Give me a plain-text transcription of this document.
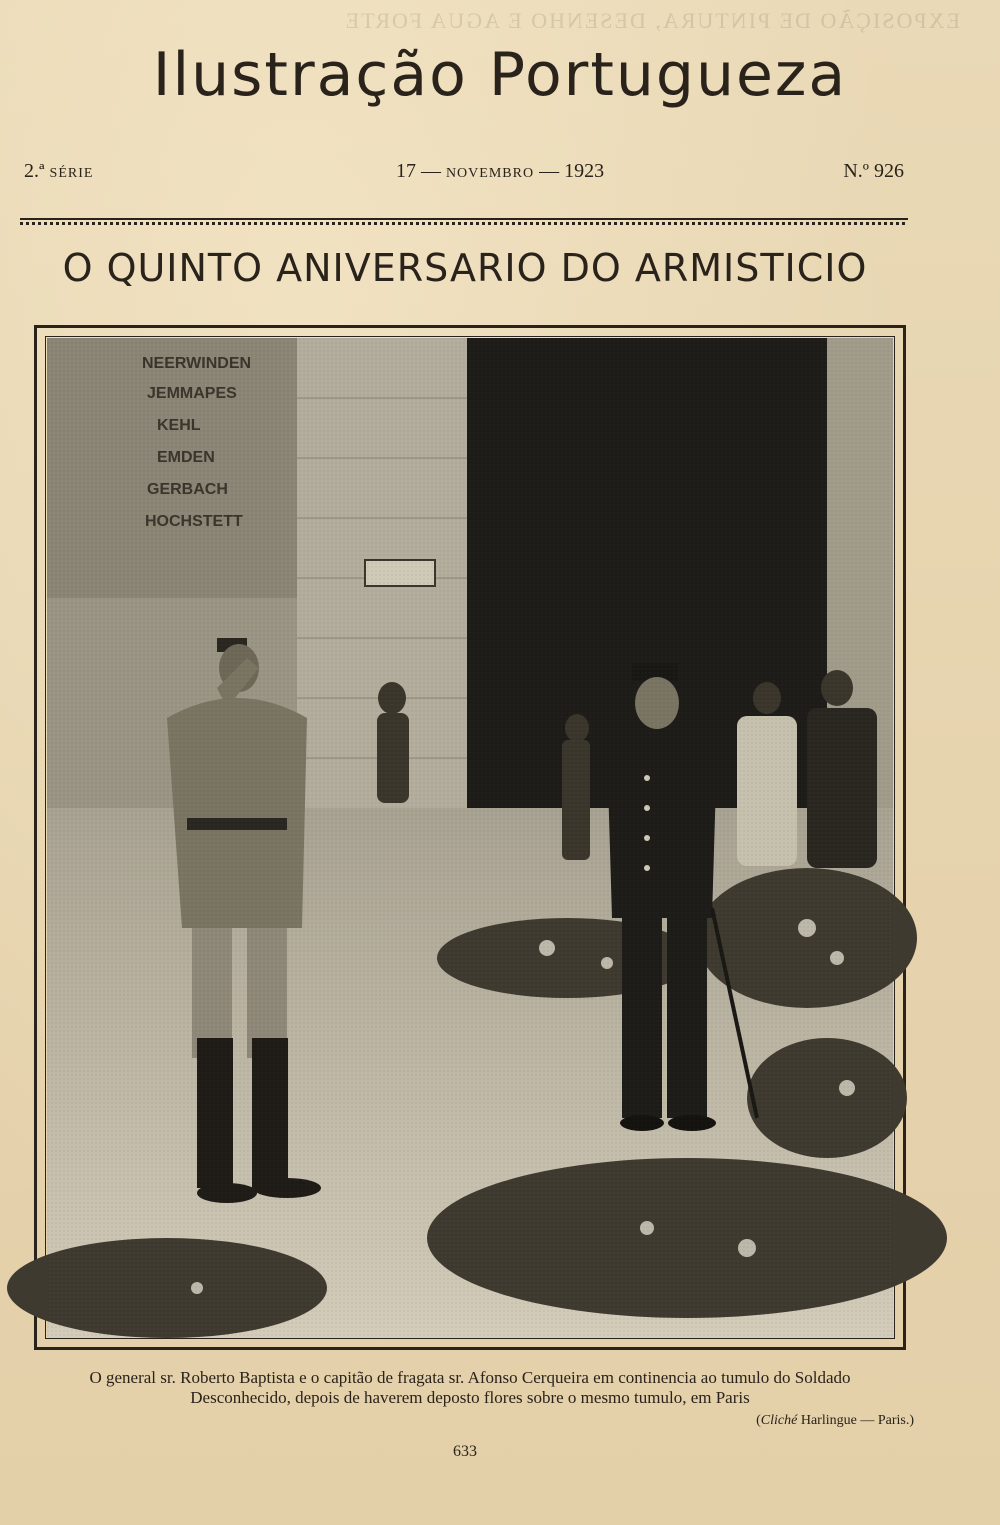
EXPOSIÇÃO DE PINTURA, DESENHO E AGUA FORTE
Ilustração Portugueza
2.ª SÉRIE	17 — NOVEMBRO — 1923	N.º 926
O QUINTO ANIVERSARIO DO ARMISTICIO
O general sr. Roberto Baptista e o capitão de fragata sr. Afonso Cerqueira em continencia ao tumulo do Soldado
Desconhecido, depois de haverem deposto flores sobre o mesmo tumulo, em Paris
(Cliché Harlingue — Paris.)
633
